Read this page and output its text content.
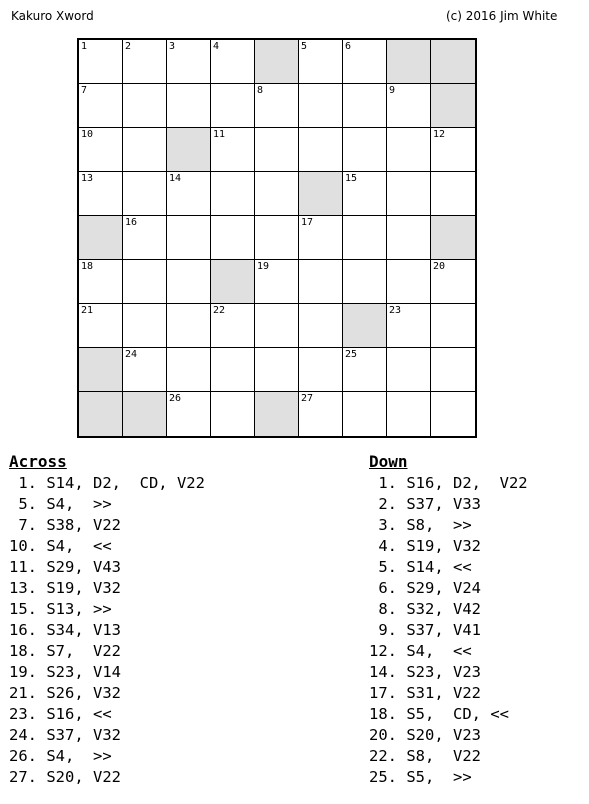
Kakuro Xword	(c) 2016 Jim White
1	2	3	4	5	6
7	8	9
10	11	12
13	14	15
16	17
18	19	20
21	22	23
24	25
26	27
Across
1. S14, D2,  CD, V22
5. S4,  >>
7. S38, V22
10. S4,  <<
11. S29, V43
13. S19, V32
15. S13, >>
16. S34, V13
18. S7,  V22
19. S23, V14
21. S26, V32
23. S16, <<
24. S37, V32
26. S4,  >>
27. S20, V22
Down
1. S16, D2,  V22
2. S37, V33
3. S8,  >>
4. S19, V32
5. S14, <<
6. S29, V24
8. S32, V42
9. S37, V41
12. S4,  <<
14. S23, V23
17. S31, V22
18. S5,  CD, <<
20. S20, V23
22. S8,  V22
25. S5,  >>
